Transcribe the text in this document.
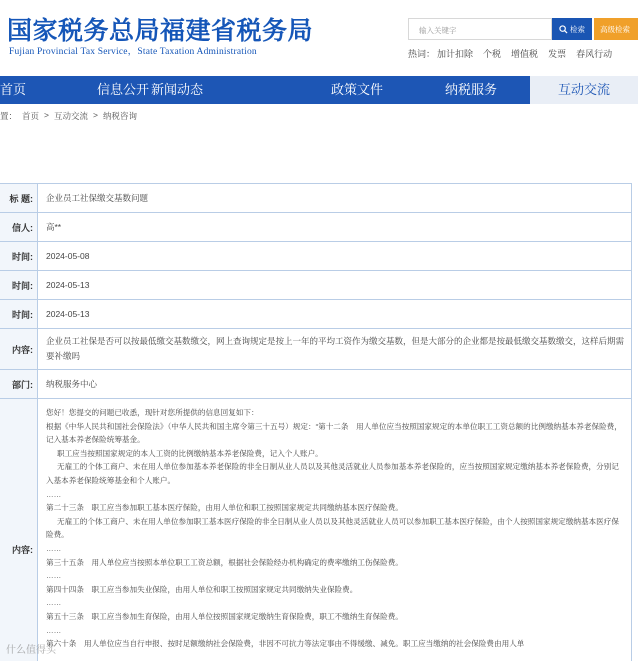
国家税务总局福建省税务局
Fujian Provincial Tax Service，State Taxation Administration
输入关键字	检索	高级检索
热词： 加计扣除 个税 增值税 发票 春风行动
首页	信息公开 新闻动态	政策文件	纳税服务	互动交流
置： 首页 > 互动交流 > 纳税咨询
标 题:	企业员工社保缴交基数问题
信人:	高**
时间:	2024-05-08
时间:	2024-05-13
时间:	2024-05-13
内容:
企业员工社保是否可以按最低缴交基数缴交，网上查询规定是按上一年的平均工资作为缴交基数，但是大部分的企业都是按最低缴交基数缴交，这样后期需要补缴吗
部门:	纳税服务中心
内容:

您好！您提交的问题已收悉，现针对您所提供的信息回复如下：

根据《中华人民共和国社会保险法》（中华人民共和国主席令第三十五号）规定：“第十二条　用人单位应当按照国家规定的本单位职工工资总额的比例缴纳基本养老保险费，记入基本养老保险统筹基金。

职工应当按照国家规定的本人工资的比例缴纳基本养老保险费，记入个人账户。

无雇工的个体工商户、未在用人单位参加基本养老保险的非全日制从业人员以及其他灵活就业人员参加基本养老保险的，应当按照国家规定缴纳基本养老保险费，分别记入基本养老保险统筹基金和个人账户。

……

第二十三条　职工应当参加职工基本医疗保险，由用人单位和职工按照国家规定共同缴纳基本医疗保险费。

无雇工的个体工商户、未在用人单位参加职工基本医疗保险的非全日制从业人员以及其他灵活就业人员可以参加职工基本医疗保险，由个人按照国家规定缴纳基本医疗保险费。

……

第三十五条　用人单位应当按照本单位职工工资总额，根据社会保险经办机构确定的费率缴纳工伤保险费。

……

第四十四条　职工应当参加失业保险，由用人单位和职工按照国家规定共同缴纳失业保险费。

……

第五十三条　职工应当参加生育保险，由用人单位按照国家规定缴纳生育保险费，职工不缴纳生育保险费。

……

第六十条　用人单位应当自行申报、按时足额缴纳社会保险费，非因不可抗力等法定事由不得缓缴、减免。职工应当缴纳的社会保险费由用人单

什么值得买
